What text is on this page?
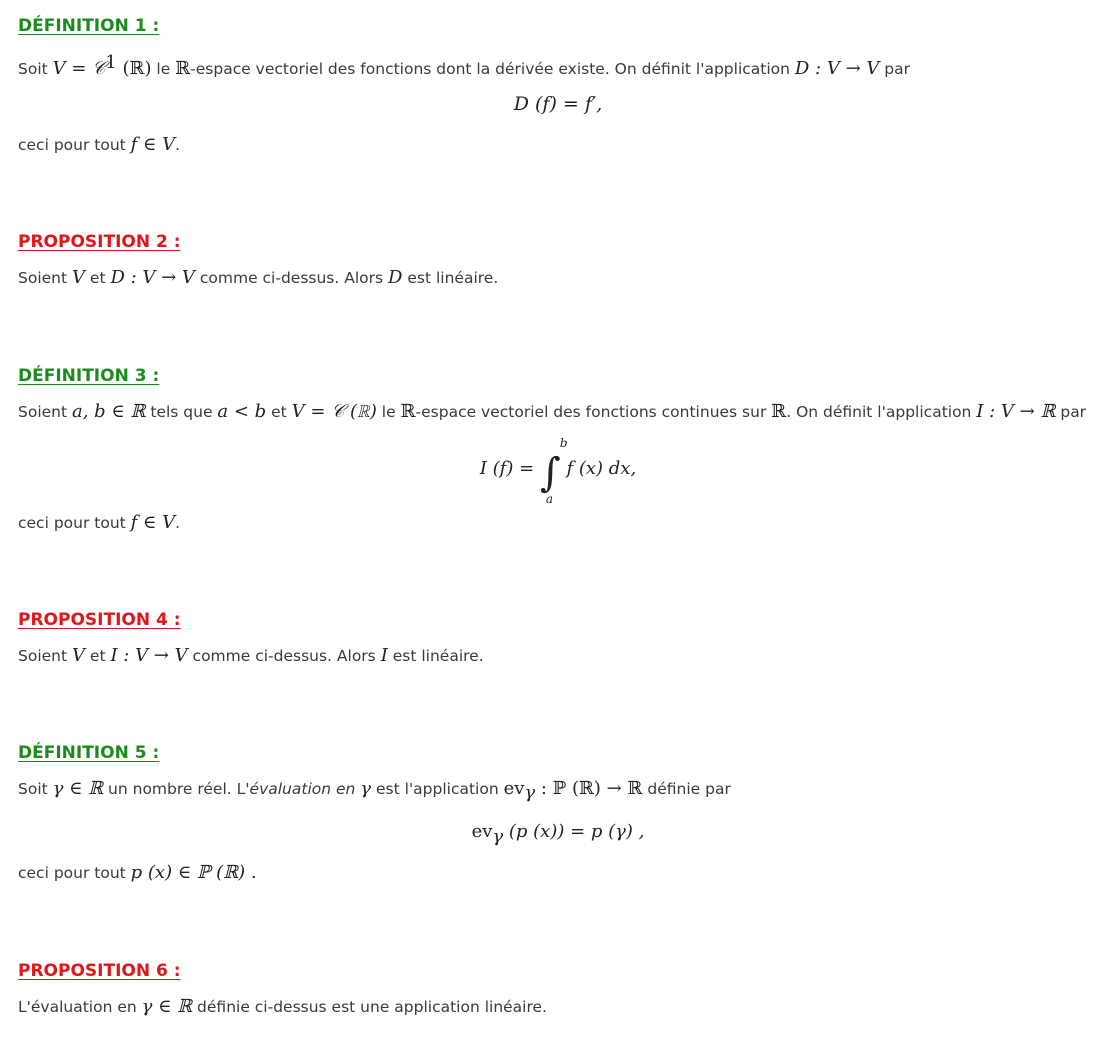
DÉFINITION 1 :
Soit V = 𝒞$^1$ (ℝ) le ℝ-espace vectoriel des fonctions dont la dérivée existe. On définit l'application D : V → V par
D (f) = f′,
ceci pour tout f ∈ V.
PROPOSITION 2 :
Soient V et D : V → V comme ci-dessus. Alors D est linéaire.
DÉFINITION 3 :
Soient a, b ∈ ℝ tels que a < b et V = 𝒞 (ℝ) le ℝ-espace vectoriel des fonctions continues sur ℝ. On définit l'application I : V → ℝ par
I (f) = ∫
b
a
f (x) dx,
ceci pour tout f ∈ V.
PROPOSITION 4 :
Soient V et I : V → V comme ci-dessus. Alors I est linéaire.
DÉFINITION 5 :
Soit γ ∈ ℝ un nombre réel. L'évaluation en γ est l'application $ev_\gamma$ : ℙ (ℝ) → ℝ définie par
$ev_\gamma$ (p (x)) = p (γ) ,
ceci pour tout p (x) ∈ ℙ (ℝ) .
PROPOSITION 6 :
L'évaluation en γ ∈ ℝ définie ci-dessus est une application linéaire.
